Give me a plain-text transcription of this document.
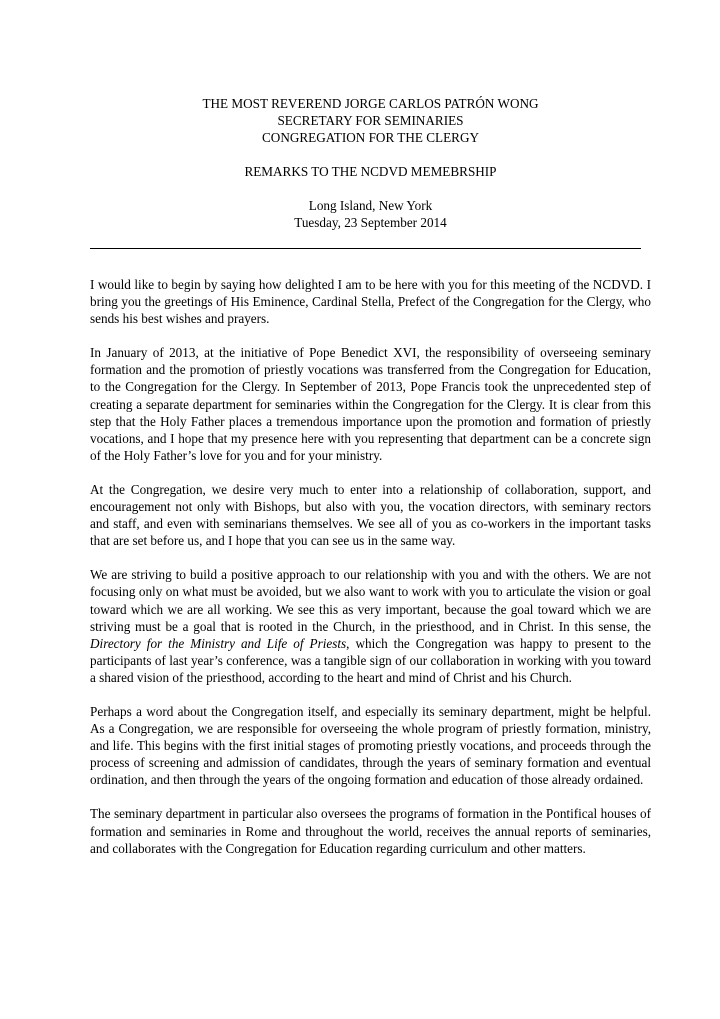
THE MOST REVEREND JORGE CARLOS PATRÓN WONG
SECRETARY FOR SEMINARIES
CONGREGATION FOR THE CLERGY
REMARKS TO THE NCDVD MEMEBRSHIP
Long Island, New York
Tuesday, 23 September 2014

I would like to begin by saying how delighted I am to be here with you for this meeting of the NCDVD. I bring you the greetings of His Eminence, Cardinal Stella, Prefect of the Congregation for the Clergy, who sends his best wishes and prayers.

In January of 2013, at the initiative of Pope Benedict XVI, the responsibility of overseeing seminary formation and the promotion of priestly vocations was transferred from the Congregation for Education, to the Congregation for the Clergy. In September of 2013, Pope Francis took the unprecedented step of creating a separate department for seminaries within the Congregation for the Clergy. It is clear from this step that the Holy Father places a tremendous importance upon the promotion and formation of priestly vocations, and I hope that my presence here with you representing that department can be a concrete sign of the Holy Father’s love for you and for your ministry.

At the Congregation, we desire very much to enter into a relationship of collaboration, support, and encouragement not only with Bishops, but also with you, the vocation directors, with seminary rectors and staff, and even with seminarians themselves. We see all of you as co-workers in the important tasks that are set before us, and I hope that you can see us in the same way.

We are striving to build a positive approach to our relationship with you and with the others. We are not focusing only on what must be avoided, but we also want to work with you to articulate the vision or goal toward which we are all working. We see this as very important, because the goal toward which we are striving must be a goal that is rooted in the Church, in the priesthood, and in Christ. In this sense, the Directory for the Ministry and Life of Priests, which the Congregation was happy to present to the participants of last year’s conference, was a tangible sign of our collaboration in working with you toward a shared vision of the priesthood, according to the heart and mind of Christ and his Church.

Perhaps a word about the Congregation itself, and especially its seminary department, might be helpful. As a Congregation, we are responsible for overseeing the whole program of priestly formation, ministry, and life. This begins with the first initial stages of promoting priestly vocations, and proceeds through the process of screening and admission of candidates, through the years of seminary formation and eventual ordination, and then through the years of the ongoing formation and education of those already ordained.

The seminary department in particular also oversees the programs of formation in the Pontifical houses of formation and seminaries in Rome and throughout the world, receives the annual reports of seminaries, and collaborates with the Congregation for Education regarding curriculum and other matters.
